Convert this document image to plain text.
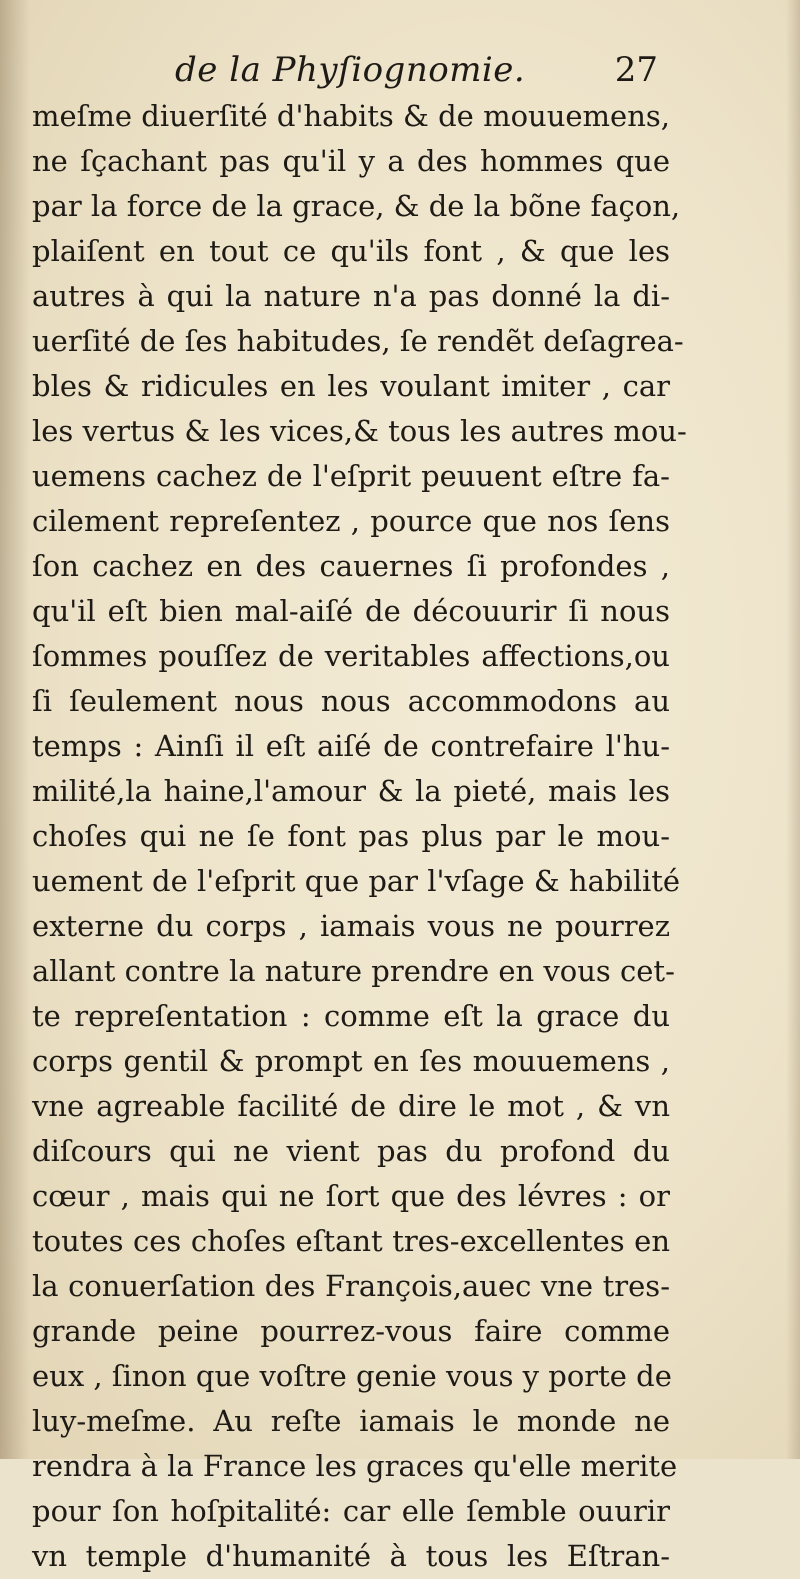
de la Phyſiognomie.	27
meſme diuerſité d'habits & de mouuemens,
ne ſçachant pas qu'il y a des hommes que
par la force de la grace, & de la bõne façon,
plaiſent en tout ce qu'ils font , & que les
autres à qui la nature n'a pas donné la di-
uerſité de ſes habitudes, ſe rendẽt deſagrea-
bles & ridicules en les voulant imiter , car
les vertus & les vices,& tous les autres mou-
uemens cachez de l'eſprit peuuent eſtre fa-
cilement repreſentez , pource que nos ſens
ſon cachez en des cauernes ſi profondes ,
qu'il eſt bien mal-aiſé de découurir ſi nous
ſommes pouſſez de veritables affections,ou
ſi ſeulement nous nous accommodons au
temps : Ainſi il eſt aiſé de contrefaire l'hu-
milité,la haine,l'amour & la pieté, mais les
choſes qui ne ſe font pas plus par le mou-
uement de l'eſprit que par l'vſage & habilité
externe du corps , iamais vous ne pourrez
allant contre la nature prendre en vous cet-
te repreſentation : comme eſt la grace du
corps gentil & prompt en ſes mouuemens ,
vne agreable facilité de dire le mot , & vn
diſcours qui ne vient pas du profond du
cœur , mais qui ne ſort que des lévres : or
toutes ces choſes eſtant tres-excellentes en
la conuerſation des François,auec vne tres-
grande peine pourrez-vous faire comme
eux , ſinon que voſtre genie vous y porte de
luy-meſme. Au reſte iamais le monde ne
rendra à la France les graces qu'elle merite
pour ſon hoſpitalité: car elle ſemble ouurir
vn temple d'humanité à tous les Eſtran-
